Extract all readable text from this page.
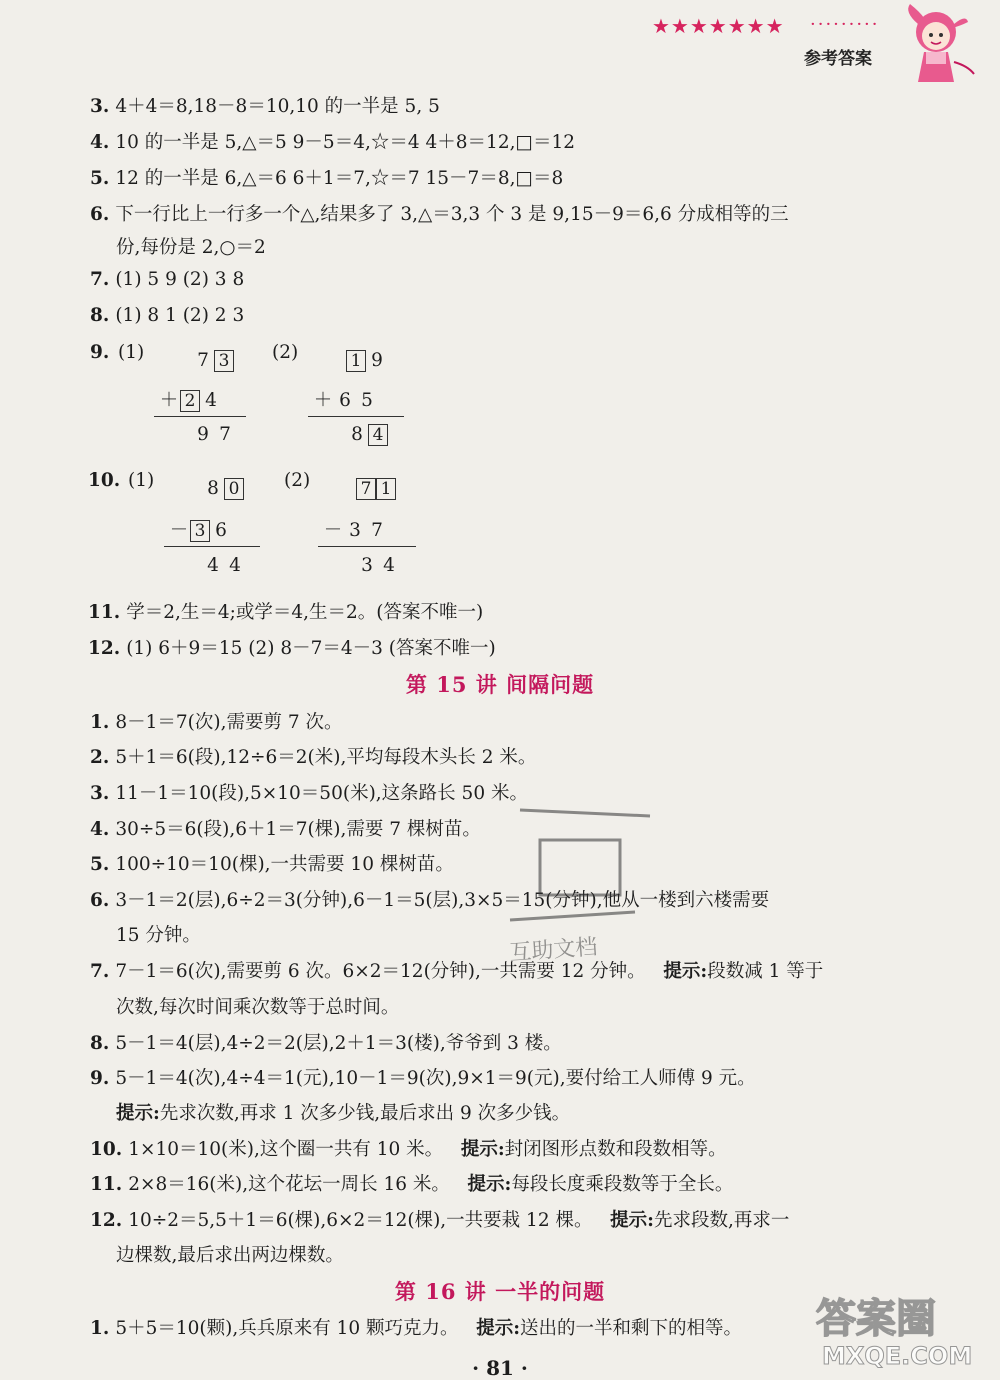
★★★★★★★ ·········
参考答案
3. 4＋4＝8,18－8＝10,10 的一半是 5, 5
4. 10 的一半是 5,△＝5 9－5＝4,☆＝4 4＋8＝12,□＝12
5. 12 的一半是 6,△＝6 6＋1＝7,☆＝7 15－7＝8,□＝8
6. 下一行比上一行多一个△,结果多了 3,△＝3,3 个 3 是 9,15－9＝6,6 分成相等的三
份,每份是 2,○＝2
7. (1) 5 9 (2) 3 8
8. (1) 8 1 (2) 2 3
9. (1)	7 3
＋ 2 4
9 7
(2)	1 9
＋ 6 5
8 4
10. (1)	8 0
－ 3 6
4 4
(2)	7 1
－ 3 7
3 4
11. 学＝2,生＝4;或学＝4,生＝2。(答案不唯一)
12. (1) 6＋9＝15 (2) 8－7＝4－3 (答案不唯一)
第 15 讲 间隔问题
1. 8－1＝7(次),需要剪 7 次。
2. 5＋1＝6(段),12÷6＝2(米),平均每段木头长 2 米。
3. 11－1＝10(段),5×10＝50(米),这条路长 50 米。
4. 30÷5＝6(段),6＋1＝7(棵),需要 7 棵树苗。
5. 100÷10＝10(棵),一共需要 10 棵树苗。
6. 3－1＝2(层),6÷2＝3(分钟),6－1＝5(层),3×5＝15(分钟),他从一楼到六楼需要
15 分钟。
7. 7－1＝6(次),需要剪 6 次。6×2＝12(分钟),一共需要 12 分钟。 提示:段数减 1 等于
次数,每次时间乘次数等于总时间。
8. 5－1＝4(层),4÷2＝2(层),2＋1＝3(楼),爷爷到 3 楼。
9. 5－1＝4(次),4÷4＝1(元),10－1＝9(次),9×1＝9(元),要付给工人师傅 9 元。
提示:先求次数,再求 1 次多少钱,最后求出 9 次多少钱。
10. 1×10＝10(米),这个圈一共有 10 米。 提示:封闭图形点数和段数相等。
11. 2×8＝16(米),这个花坛一周长 16 米。 提示:每段长度乘段数等于全长。
12. 10÷2＝5,5＋1＝6(棵),6×2＝12(棵),一共要栽 12 棵。 提示:先求段数,再求一
边棵数,最后求出两边棵数。
第 16 讲 一半的问题
1. 5＋5＝10(颗),兵兵原来有 10 颗巧克力。 提示:送出的一半和剩下的相等。
互助文档
答案圈
MXQE.COM
· 81 ·
